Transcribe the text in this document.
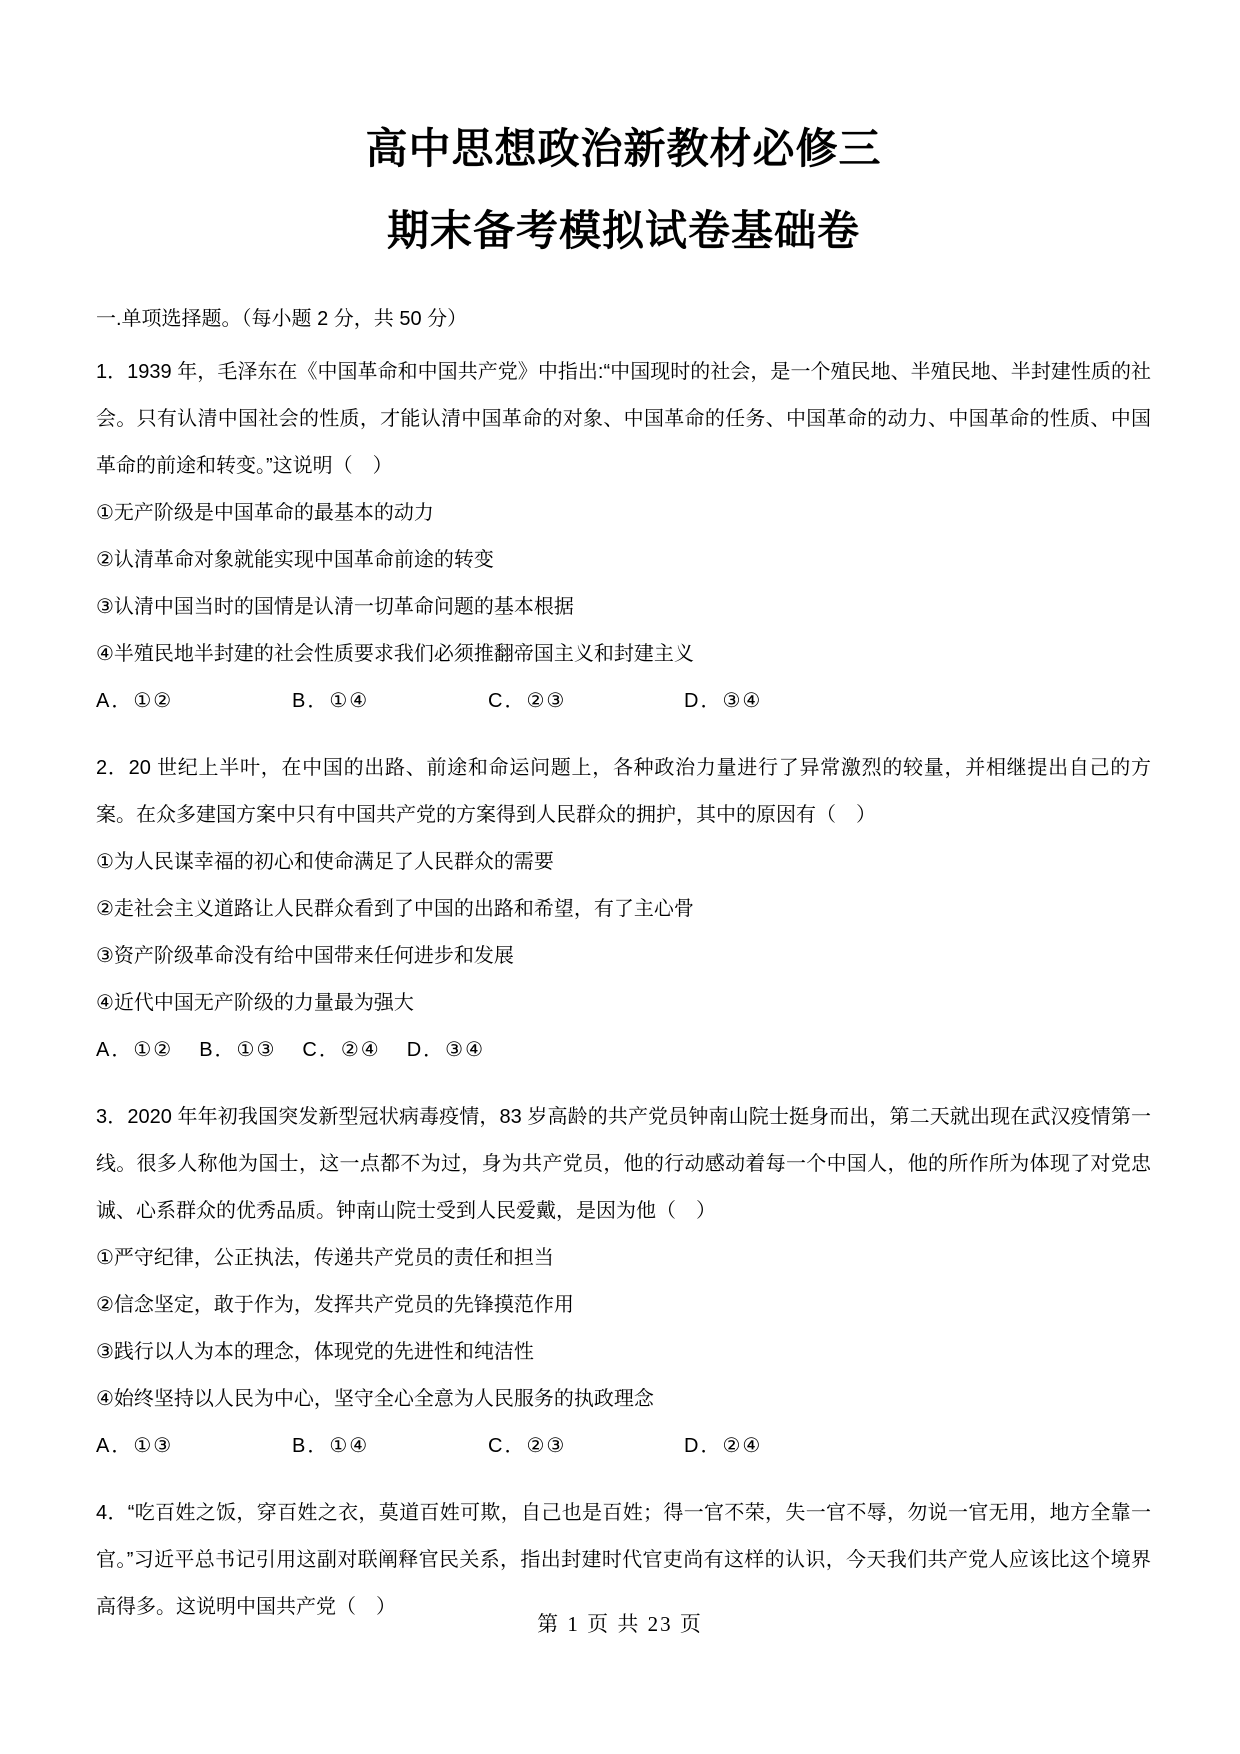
高中思想政治新教材必修三
期末备考模拟试卷基础卷
一.单项选择题。（每小题 2 分，共 50 分）
1．1939 年，毛泽东在《中国革命和中国共产党》中指出:“中国现时的社会，是一个殖民地、半殖民地、半封建性质的社会。只有认清中国社会的性质，才能认清中国革命的对象、中国革命的任务、中国革命的动力、中国革命的性质、中国革命的前途和转变。”这说明（　）
①无产阶级是中国革命的最基本的动力
②认清革命对象就能实现中国革命前途的转变
③认清中国当时的国情是认清一切革命问题的基本根据
④半殖民地半封建的社会性质要求我们必须推翻帝国主义和封建主义
A．①②	B．①④	C．②③	D．③④
2．20 世纪上半叶，在中国的出路、前途和命运问题上，各种政治力量进行了异常激烈的较量，并相继提出自己的方案。在众多建国方案中只有中国共产党的方案得到人民群众的拥护，其中的原因有（　）
①为人民谋幸福的初心和使命满足了人民群众的需要
②走社会主义道路让人民群众看到了中国的出路和希望，有了主心骨
③资产阶级革命没有给中国带来任何进步和发展
④近代中国无产阶级的力量最为强大
A．①② B．①③ C．②④ D．③④
3．2020 年年初我国突发新型冠状病毒疫情，83 岁高龄的共产党员钟南山院士挺身而出，第二天就出现在武汉疫情第一线。很多人称他为国士，这一点都不为过，身为共产党员，他的行动感动着每一个中国人，他的所作所为体现了对党忠诚、心系群众的优秀品质。钟南山院士受到人民爱戴，是因为他（　）
①严守纪律，公正执法，传递共产党员的责任和担当
②信念坚定，敢于作为，发挥共产党员的先锋摸范作用
③践行以人为本的理念，体现党的先进性和纯洁性
④始终坚持以人民为中心，坚守全心全意为人民服务的执政理念
A．①③	B．①④	C．②③	D．②④
4．“吃百姓之饭，穿百姓之衣，莫道百姓可欺，自己也是百姓；得一官不荣，失一官不辱，勿说一官无用，地方全靠一官。”习近平总书记引用这副对联阐释官民关系，指出封建时代官吏尚有这样的认识，今天我们共产党人应该比这个境界高得多。这说明中国共产党（　）
第 1 页 共 23 页
